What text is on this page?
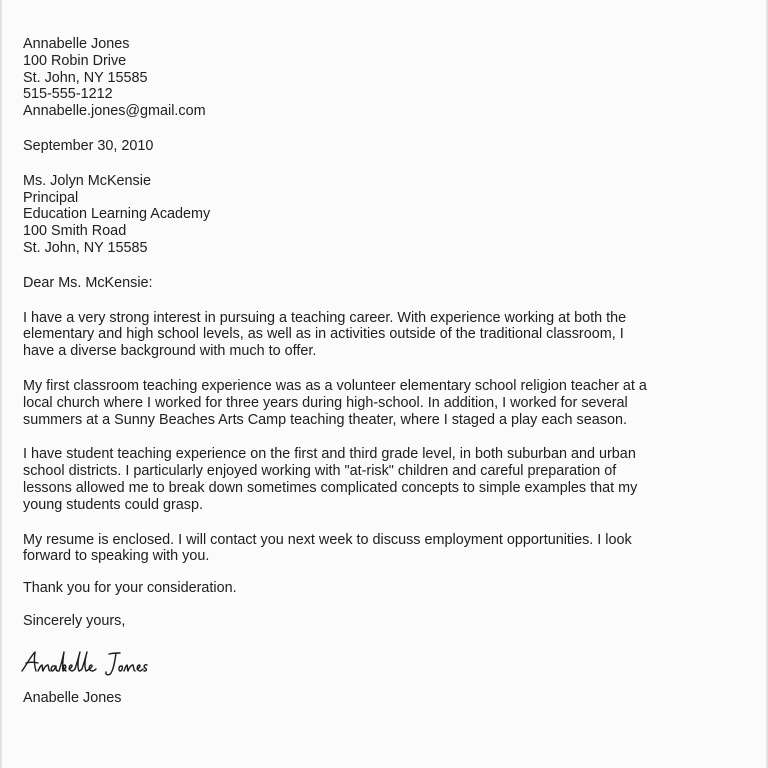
Annabelle Jones
100 Robin Drive
St. John, NY 15585
515-555-1212
Annabelle.jones@gmail.com
September 30, 2010
Ms. Jolyn McKensie
Principal
Education Learning Academy
100 Smith Road
St. John, NY 15585
Dear Ms. McKensie:
I have a very strong interest in pursuing a teaching career. With experience working at both the
elementary and high school levels, as well as in activities outside of the traditional classroom, I
have a diverse background with much to offer.
My first classroom teaching experience was as a volunteer elementary school religion teacher at a
local church where I worked for three years during high-school. In addition, I worked for several
summers at a Sunny Beaches Arts Camp teaching theater, where I staged a play each season.
I have student teaching experience on the first and third grade level, in both suburban and urban
school districts. I particularly enjoyed working with "at-risk" children and careful preparation of
lessons allowed me to break down sometimes complicated concepts to simple examples that my
young students could grasp.
My resume is enclosed. I will contact you next week to discuss employment opportunities. I look
forward to speaking with you.
Thank you for your consideration.
Sincerely yours,
Anabelle Jones
